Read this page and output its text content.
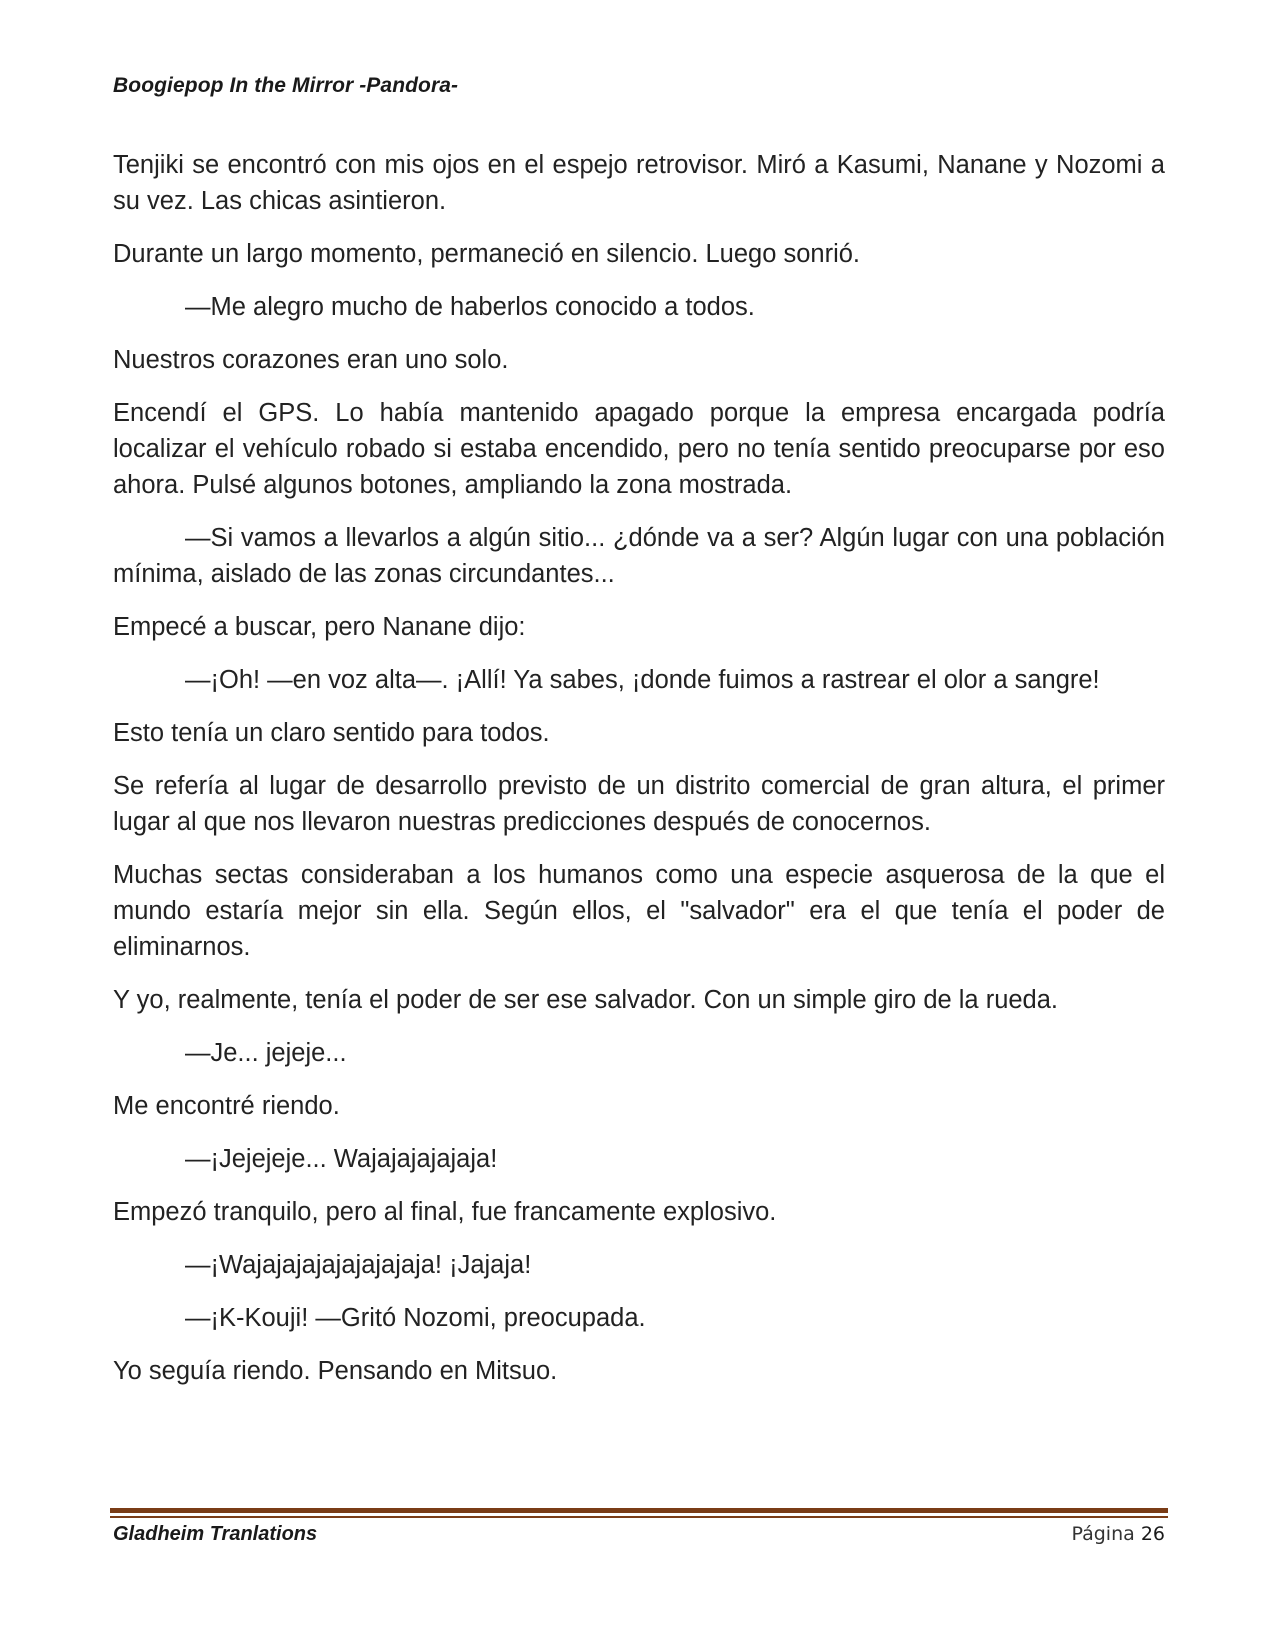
Boogiepop In the Mirror -Pandora-

Tenjiki se encontró con mis ojos en el espejo retrovisor. Miró a Kasumi, Nanane y Nozomi a su vez. Las chicas asintieron.

Durante un largo momento, permaneció en silencio. Luego sonrió.

—Me alegro mucho de haberlos conocido a todos.

Nuestros corazones eran uno solo.

Encendí el GPS. Lo había mantenido apagado porque la empresa encargada podría localizar el vehículo robado si estaba encendido, pero no tenía sentido preocuparse por eso ahora. Pulsé algunos botones, ampliando la zona mostrada.

—Si vamos a llevarlos a algún sitio... ¿dónde va a ser? Algún lugar con una población mínima, aislado de las zonas circundantes...

Empecé a buscar, pero Nanane dijo:

—¡Oh! —en voz alta—. ¡Allí! Ya sabes, ¡donde fuimos a rastrear el olor a sangre!

Esto tenía un claro sentido para todos.

Se refería al lugar de desarrollo previsto de un distrito comercial de gran altura, el primer lugar al que nos llevaron nuestras predicciones después de conocernos.

Muchas sectas consideraban a los humanos como una especie asquerosa de la que el mundo estaría mejor sin ella. Según ellos, el "salvador" era el que tenía el poder de eliminarnos.

Y yo, realmente, tenía el poder de ser ese salvador. Con un simple giro de la rueda.

—Je... jejeje...

Me encontré riendo.

—¡Jejejeje... Wajajajajajaja!

Empezó tranquilo, pero al final, fue francamente explosivo.

—¡Wajajajajajajajajaja! ¡Jajaja!

—¡K-Kouji! —Gritó Nozomi, preocupada.

Yo seguía riendo. Pensando en Mitsuo.

Gladheim Tranlations	Página 26
